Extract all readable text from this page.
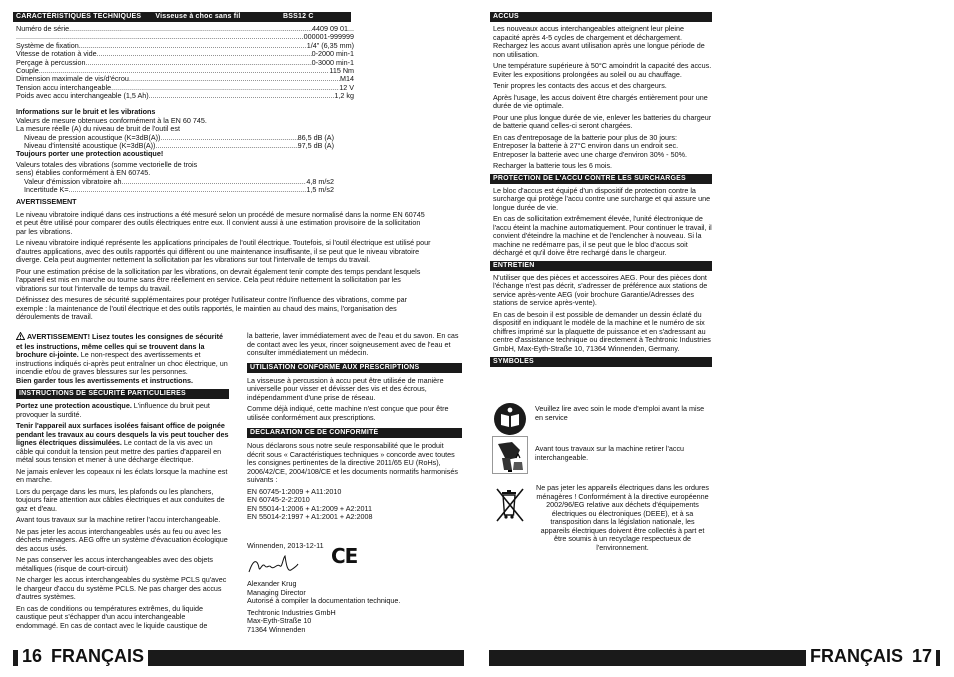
CARACTÉRISTIQUES TECHNIQUES Visseuse à choc sans fil	BSS12 C
Numéro de série .....	4409 09 01...
.....
...000001-999999
Système de fixation .....	1/4" (6,35 mm)
Vitesse de rotation à vide .....	0-2000 min-1
Perçage à percussion .....	0-3000 min-1
Couple .....	115 Nm
Dimension maximale de vis/d'écrou .....	M14
Tension accu interchangeable .....	12 V
Poids avec accu interchangeable (1,5 Ah) .....	1,2 kg
Informations sur le bruit et les vibrations
Valeurs de mesure obtenues conformément à la EN 60 745.
La mesure réelle (A) du niveau de bruit de l'outil est
Niveau de pression acoustique (K=3dB(A)) .....	86,5 dB (A)
Niveau d'intensité acoustique (K=3dB(A)) .....	97,5 dB (A)
Toujours porter une protection acoustique!
Valeurs totales des vibrations (somme vectorielle de trois
sens) établies conformément à EN 60745.
Valeur d'émission vibratoire ah .....	4,8 m/s2
Incertitude K= .....	1,5 m/s2
AVERTISSEMENT

Le niveau vibratoire indiqué dans ces instructions a été mesuré selon un procédé de mesure normalisé dans la norme EN 60745 et peut être utilisé pour comparer des outils électriques entre eux. Il convient aussi à une estimation provisoire de la sollicitation par les vibrations.

Le niveau vibratoire indiqué représente les applications principales de l'outil électrique. Toutefois, si l'outil électrique est utilisé pour d'autres applications, avec des outils rapportés qui diffèrent ou une maintenance insuffisante, il se peut que le niveau vibratoire diverge. Cela peut augmenter nettement la sollicitation par les vibrations sur tout l'intervalle de temps du travail.

Pour une estimation précise de la sollicitation par les vibrations, on devrait également tenir compte des temps pendant lesquels l'appareil est mis en marche ou tourne sans être réellement en service. Cela peut réduire nettement la sollicitation par les vibrations sur tout l'intervalle de temps du travail.

Définissez des mesures de sécurité supplémentaires pour protéger l'utilisateur contre l'influence des vibrations, comme par exemple : la maintenance de l'outil électrique et des outils rapportés, le maintien au chaud des mains, l'organisation des déroulements de travail.

AVERTISSEMENT! Lisez toutes les consignes de sécurité et les instructions, même celles qui se trouvent dans la brochure ci-jointe. Le non-respect des avertissements et instructions indiqués ci-après peut entraîner un choc électrique, un incendie et/ou de graves blessures sur les personnes.
Bien garder tous les avertissements et instructions.

INSTRUCTIONS DE SÉCURITÉ PARTICULIERES

Portez une protection acoustique. L'influence du bruit peut provoquer la surdité.

Tenir l'appareil aux surfaces isolées faisant office de poignée pendant les travaux au cours desquels la vis peut toucher des lignes électriques dissimulées. Le contact de la vis avec un câble qui conduit la tension peut mettre des parties d'appareil en métal sous tension et mener à une décharge électrique.

Ne jamais enlever les copeaux ni les éclats lorsque la machine est en marche.

Lors du perçage dans les murs, les plafonds ou les planchers, toujours faire attention aux câbles électriques et aux conduites de gaz et d'eau.

Avant tous travaux sur la machine retirer l'accu interchangeable.

Ne pas jeter les accus interchangeables usés au feu ou avec les déchets ménagers. AEG offre un système d'évacuation écologique des accus usés.

Ne pas conserver les accus interchangeables avec des objets métalliques (risque de court-circuit)

Ne charger les accus interchangeables du système PCLS qu'avec le chargeur d'accu du système PCLS. Ne pas charger des accus d'autres systèmes.

En cas de conditions ou températures extrêmes, du liquide caustique peut s'échapper d'un accu interchangeable endommagé. En cas de contact avec le liquide caustique de

la batterie, laver immédiatement avec de l'eau et du savon. En cas de contact avec les yeux, rincer soigneusement avec de l'eau et consulter immédiatement un médecin.

UTILISATION CONFORME AUX PRESCRIPTIONS

La visseuse à percussion à accu peut être utilisée de manière universelle pour visser et dévisser des vis et des écrous, indépendamment d'une prise de réseau.

Comme déjà indiqué, cette machine n'est conçue que pour être utilisée conformément aux prescriptions.

DECLARATION CE DE CONFORMITÉ

Nous déclarons sous notre seule responsabilité que le produit décrit sous « Caractéristiques techniques » concorde avec toutes les consignes pertinentes de la directive 2011/65 EU (RoHs), 2006/42/CE, 2004/108/CE et les documents normatifs harmonisés suivants :

EN 60745-1:2009 + A11:2010
EN 60745-2-2:2010
EN 55014-1:2006 + A1:2009 + A2:2011
EN 55014-2:1997 + A1:2001 + A2:2008
Winnenden, 2013-12-11 CE
Alexander Krug
Managing Director
Autorisé à compiler la documentation technique.
Techtronic Industries GmbH
Max-Eyth-Straße 10
71364 Winnenden
16 FRANÇAIS
ACCUS

Les nouveaux accus interchangeables atteignent leur pleine capacité après 4-5 cycles de chargement et déchargement. Rechargez les accus avant utilisation après une longue période de non utilisation.

Une température supérieure à 50°C amoindrit la capacité des accus. Eviter les expositions prolongées au soleil ou au chauffage.

Tenir propres les contacts des accus et des chargeurs.

Après l'usage, les accus doivent être chargés entièrement pour une durée de vie optimale.

Pour une plus longue durée de vie, enlever les batteries du chargeur de batterie quand celles-ci seront chargées.

En cas d'entreposage de la batterie pour plus de 30 jours: Entreposer la batterie à 27°C environ dans un endroit sec. Entreposer la batterie avec une charge d'environ 30% - 50%.

Recharger la batterie tous les 6 mois.

PROTECTION DE L'ACCU CONTRE LES SURCHARGES

Le bloc d'accus est équipé d'un dispositif de protection contre la surcharge qui protège l'accu contre une surcharge et qui assure une longue durée de vie.

En cas de sollicitation extrêmement élevée, l'unité électronique de l'accu éteint la machine automatiquement. Pour continuer le travail, il convient d'éteindre la machine et de l'enclencher à nouveau. Si la machine ne redémarre pas, il se peut que le bloc d'accus soit déchargé et qu'il doive être rechargé dans le chargeur.

ENTRETIEN

N'utiliser que des pièces et accessoires AEG. Pour des pièces dont l'échange n'est pas décrit, s'adresser de préférence aux stations de service après-vente AEG (voir brochure Garantie/Adresses des stations de service après-vente).

En cas de besoin il est possible de demander un dessin éclaté du dispositif en indiquant le modèle de la machine et le numéro de six chiffres imprimé sur la plaquette de puissance et en s'adressant au centre d'assistance technique ou directement à Techtronic Industries GmbH, Max-Eyth-Straße 10, 71364 Winnenden, Germany.

SYMBOLES
Veuillez lire avec soin le mode d'emploi avant la mise en service
Avant tous travaux sur la machine retirer l'accu interchangeable.
Ne pas jeter les appareils électriques dans les ordures ménagères ! Conformément à la directive européenne 2002/96/EG relative aux déchets d'équipements électriques ou électroniques (DEEE), et à sa transposition dans la législation nationale, les appareils électriques doivent être collectés à part et être soumis à un recyclage respectueux de l'environnement.
FRANÇAIS 17
